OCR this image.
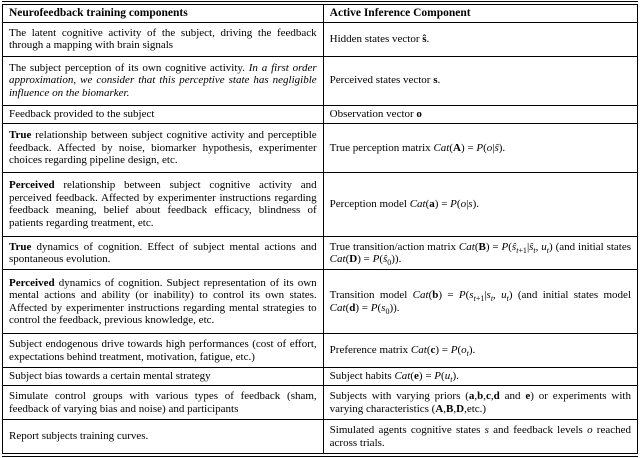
Neurofeedback training components	Active Inference Component
The latent cognitive activity of the subject, driving the feedback through a mapping with brain signals	Hidden states vector ŝ.
The subject perception of its own cognitive activity. In a first order approximation, we consider that this perceptive state has negligible influence on the biomarker.	Perceived states vector s.
Feedback provided to the subject	Observation vector o
True relationship between subject cognitive activity and perceptible feedback. Affected by noise, biomarker hypothesis, experimenter choices regarding pipeline design, etc.	True perception matrix Cat(A) = P(o|ŝ).
Perceived relationship between subject cognitive activity and perceived feedback. Affected by experimenter instructions regarding feedback meaning, belief about feedback efficacy, blindness of patients regarding treatment, etc.	Perception model Cat(a) = P(o|s).
True dynamics of cognition. Effect of subject mental actions and spontaneous evolution.	True transition/action matrix $Cat(B) = P(ŝ_{t+1}|ŝ_t$, $u_t$) (and initial states $Cat(D) = P(ŝ_0)$).
Perceived dynamics of cognition. Subject representation of its own mental actions and ability (or inability) to control its own states. Affected by experimenter instructions regarding mental strategies to control the feedback, previous knowledge, etc.	Transition model $Cat(b) = P(s_{t+1}|s_t$, $u_t$) (and initial states model $Cat(d) = P(s_0)$).
Subject endogenous drive towards high performances (cost of effort, expectations behind treatment, motivation, fatigue, etc.)	Preference matrix $Cat(c) = P(o_t)$.
Subject bias towards a certain mental strategy	Subject habits $Cat(e) = P(u_t)$.
Simulate control groups with various types of feedback (sham, feedback of varying bias and noise) and participants	Subjects with varying priors (a,b,c,d and e) or experiments with varying characteristics (A,B,D,etc.)
Report subjects training curves.	Simulated agents cognitive states s and feedback levels o reached across trials.
